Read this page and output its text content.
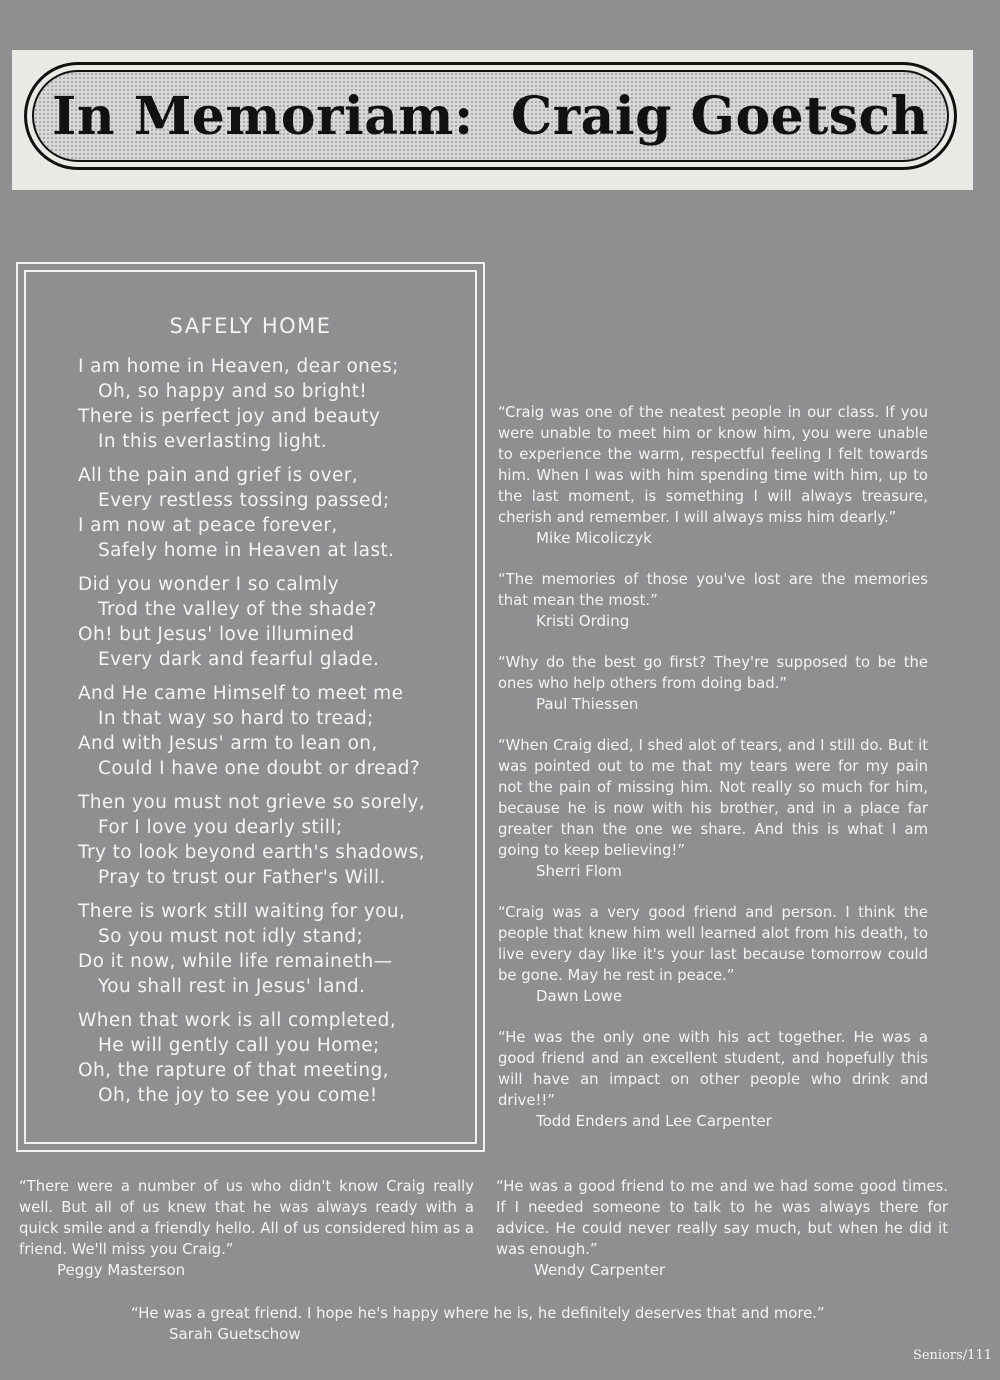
In Memoriam:  Craig Goetsch
SAFELY HOME
I am home in Heaven, dear ones;
Oh, so happy and so bright!
There is perfect joy and beauty
In this everlasting light.
All the pain and grief is over,
Every restless tossing passed;
I am now at peace forever,
Safely home in Heaven at last.
Did you wonder I so calmly
Trod the valley of the shade?
Oh! but Jesus' love illumined
Every dark and fearful glade.
And He came Himself to meet me
In that way so hard to tread;
And with Jesus' arm to lean on,
Could I have one doubt or dread?
Then you must not grieve so sorely,
For I love you dearly still;
Try to look beyond earth's shadows,
Pray to trust our Father's Will.
There is work still waiting for you,
So you must not idly stand;
Do it now, while life remaineth—
You shall rest in Jesus' land.
When that work is all completed,
He will gently call you Home;
Oh, the rapture of that meeting,
Oh, the joy to see you come!

“Craig was one of the neatest people in our class. If you were unable to meet him or know him, you were unable to experience the warm, respectful feeling I felt towards him. When I was with him spending time with him, up to the last moment, is something I will always treasure, cherish and remember. I will always miss him dearly.”

Mike Micoliczyk

“The memories of those you've lost are the memories that mean the most.”

Kristi Ording

“Why do the best go first? They're supposed to be the ones who help others from doing bad.”

Paul Thiessen

“When Craig died, I shed alot of tears, and I still do. But it was pointed out to me that my tears were for my pain not the pain of missing him. Not really so much for him, because he is now with his brother, and in a place far greater than the one we share. And this is what I am going to keep believing!”

Sherri Flom

“Craig was a very good friend and person. I think the people that knew him well learned alot from his death, to live every day like it's your last because tomorrow could be gone. May he rest in peace.”

Dawn Lowe

“He was the only one with his act together. He was a good friend and an excellent student, and hopefully this will have an impact on other people who drink and drive!!”

Todd Enders and Lee Carpenter

“There were a number of us who didn't know Craig really well. But all of us knew that he was always ready with a quick smile and a friendly hello. All of us considered him as a friend. We'll miss you Craig.”

Peggy Masterson

“He was a good friend to me and we had some good times. If I needed someone to talk to he was always there for advice. He could never really say much, but when he did it was enough.”

Wendy Carpenter

“He was a great friend. I hope he's happy where he is, he definitely deserves that and more.”

Sarah Guetschow
Seniors/111
